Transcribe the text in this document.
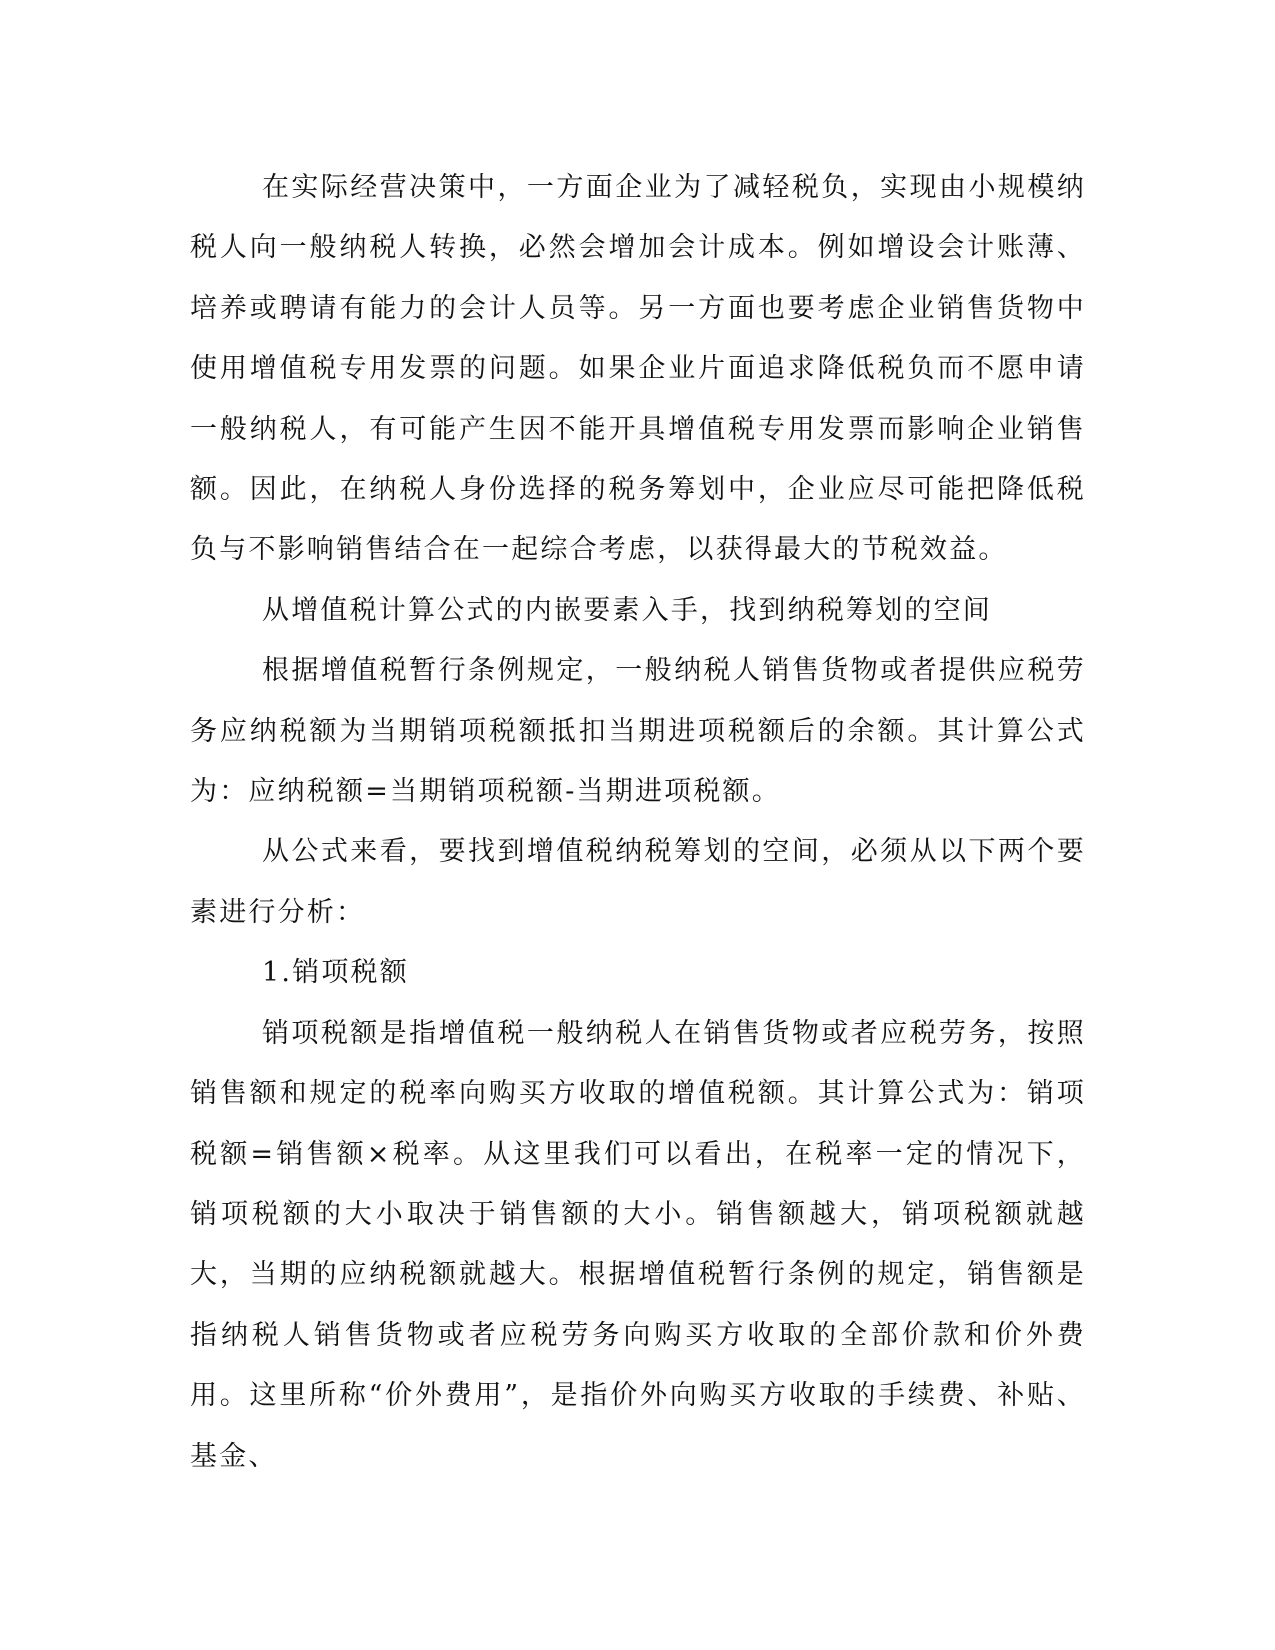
在实际经营决策中，一方面企业为了减轻税负，实现由小规模纳税人向一般纳税人转换，必然会增加会计成本。例如增设会计账薄、培养或聘请有能力的会计人员等。另一方面也要考虑企业销售货物中使用增值税专用发票的问题。如果企业片面追求降低税负而不愿申请一般纳税人，有可能产生因不能开具增值税专用发票而影响企业销售额。因此，在纳税人身份选择的税务筹划中，企业应尽可能把降低税负与不影响销售结合在一起综合考虑，以获得最大的节税效益。

从增值税计算公式的内嵌要素入手，找到纳税筹划的空间

根据增值税暂行条例规定，一般纳税人销售货物或者提供应税劳务应纳税额为当期销项税额抵扣当期进项税额后的余额。其计算公式为：应纳税额=当期销项税额-当期进项税额。

从公式来看，要找到增值税纳税筹划的空间，必须从以下两个要素进行分析：

1.销项税额

销项税额是指增值税一般纳税人在销售货物或者应税劳务，按照销售额和规定的税率向购买方收取的增值税额。其计算公式为：销项税额=销售额×税率。从这里我们可以看出，在税率一定的情况下，销项税额的大小取决于销售额的大小。销售额越大，销项税额就越大，当期的应纳税额就越大。根据增值税暂行条例的规定，销售额是指纳税人销售货物或者应税劳务向购买方收取的全部价款和价外费用。这里所称“价外费用”，是指价外向购买方收取的手续费、补贴、基金、
